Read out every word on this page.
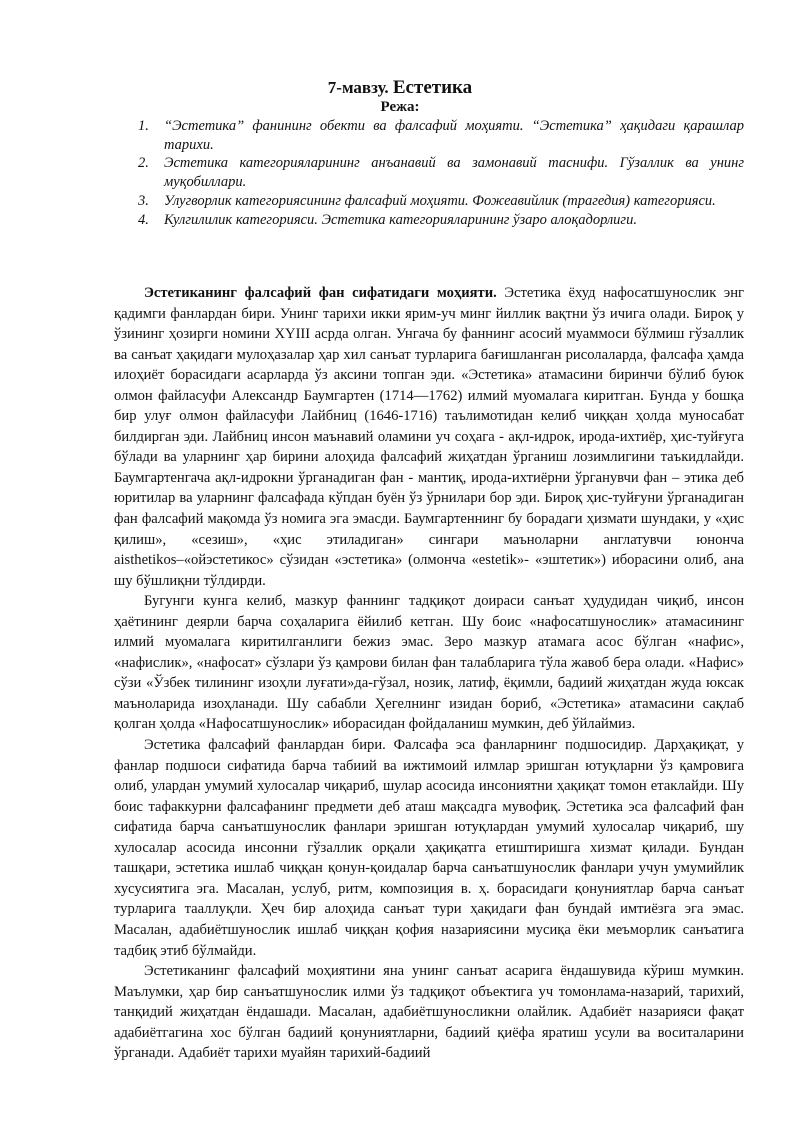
7-мавзу. Естетика
Режа:
1. “Эстетика” фанининг обекти ва фалсафий моҳияти. “Эстетика” ҳақидаги қарашлар тарихи.
2. Эстетика категорияларининг анъанавий ва замонавий таснифи. Гўзаллик ва унинг муқобиллари.
3. Улугворлик категориясининг фалсафий моҳияти. Фожеавийлик (трагедия) категорияси.
4. Кулгилилик категорияси. Эстетика категорияларининг ўзаро алоқадорлиги.

Эстетиканинг фалсафий фан сифатидаги моҳияти. Эстетика ёхуд нафосатшунослик энг қадимги фанлардан бири. Унинг тарихи икки ярим-уч минг йиллик вақтни ўз ичига олади. Бироқ у ўзининг ҳозирги номини ХYIII асрда олган. Унгача бу фаннинг асосий муаммоси бўлмиш гўзаллик ва санъат ҳақидаги мулоҳазалар ҳар хил санъат турларига бағишланган рисолаларда, фалсафа ҳамда илоҳиёт борасидаги асарларда ўз аксини топган эди. «Эстетика» атамасини биринчи бўлиб буюк олмон файласуфи Александр Баумгартен (1714—1762) илмий муомалага киритган. Бунда у бошқа бир улуғ олмон файласуфи Лайбниц (1646-1716) таълимотидан келиб чиққан ҳолда муносабат билдирган эди. Лайбниц инсон маънавий оламини уч соҳага - ақл-идрок, ирода-ихтиёр, ҳис-туйғуга бўлади ва уларнинг ҳар бирини алоҳида фалсафий жиҳатдан ўрганиш лозимлигини таъкидлайди. Баумгартенгача ақл-идрокни ўрганадиган фан - мантиқ, ирода-ихтиёрни ўрганувчи фан – этика деб юритилар ва уларнинг фалсафада кўпдан буён ўз ўрнилари бор эди. Бироқ ҳис-туйғуни ўрганадиган фан фалсафий мақомда ўз номига эга эмасди. Баумгартеннинг бу борадаги ҳизмати шундаки, у «ҳис қилиш», «сезиш», «ҳис этиладиган» сингари маъноларни англатувчи юнонча aisthetikos–«ойэстетикос» сўзидан «эстетика» (олмонча «estetik»- «эштетик») иборасини олиб, ана шу бўшлиқни тўлдирди.

Бугунги кунга келиб, мазкур фаннинг тадқиқот доираси санъат ҳудудидан чиқиб, инсон ҳаётининг деярли барча соҳаларига ёйилиб кетган. Шу боис «нафосатшунослик» атамасининг илмий муомалага киритилганлиги бежиз эмас. Зеро мазкур атамага асос бўлган «нафис», «нафислик», «нафосат» сўзлари ўз қамрови билан фан талабларига тўла жавоб бера олади. «Нафис» сўзи «Ўзбек тилининг изоҳли луғати»да-гўзал, нозик, латиф, ёқимли, бадиий жиҳатдан жуда юксак маъноларида изоҳланади. Шу сабабли Ҳегелнинг изидан бориб, «Эстетика» атамасини сақлаб қолган ҳолда «Нафосатшунослик» иборасидан фойдаланиш мумкин, деб ўйлаймиз.

Эстетика фалсафий фанлардан бири. Фалсафа эса фанларнинг подшосидир. Дарҳақиқат, у фанлар подшоси сифатида барча табиий ва ижтимоий илмлар эришган ютуқларни ўз қамровига олиб, улардан умумий хулосалар чиқариб, шулар асосида инсониятни ҳақиқат томон етаклайди. Шу боис тафаккурни фалсафанинг предмети деб аташ мақсадга мувофиқ. Эстетика эса фалсафий фан сифатида барча санъатшунослик фанлари эришган ютуқлардан умумий хулосалар чиқариб, шу хулосалар асосида инсонни гўзаллик орқали ҳақиқатга етиштиришга хизмат қилади. Бундан ташқари, эстетика ишлаб чиққан қонун-қоидалар барча санъатшунослик фанлари учун умумийлик хусусиятига эга. Масалан, услуб, ритм, композиция в. ҳ. борасидаги қонуниятлар барча санъат турларига тааллуқли. Ҳеч бир алоҳида санъат тури ҳақидаги фан бундай имтиёзга эга эмас. Масалан, адабиётшунослик ишлаб чиққан қофия назариясини мусиқа ёки меъморлик санъатига тадбиқ этиб бўлмайди.

Эстетиканинг фалсафий моҳиятини яна унинг санъат асарига ёндашувида кўриш мумкин. Маълумки, ҳар бир санъатшунослик илми ўз тадқиқот объектига уч томонлама-назарий, тарихий, танқидий жиҳатдан ёндашади. Масалан, адабиётшуносликни олайлик. Адабиёт назарияси фақат адабиётгагина хос бўлган бадиий қонуниятларни, бадиий қиёфа яратиш усули ва воситаларини ўрганади. Адабиёт тарихи муайян тарихий-бадиий
